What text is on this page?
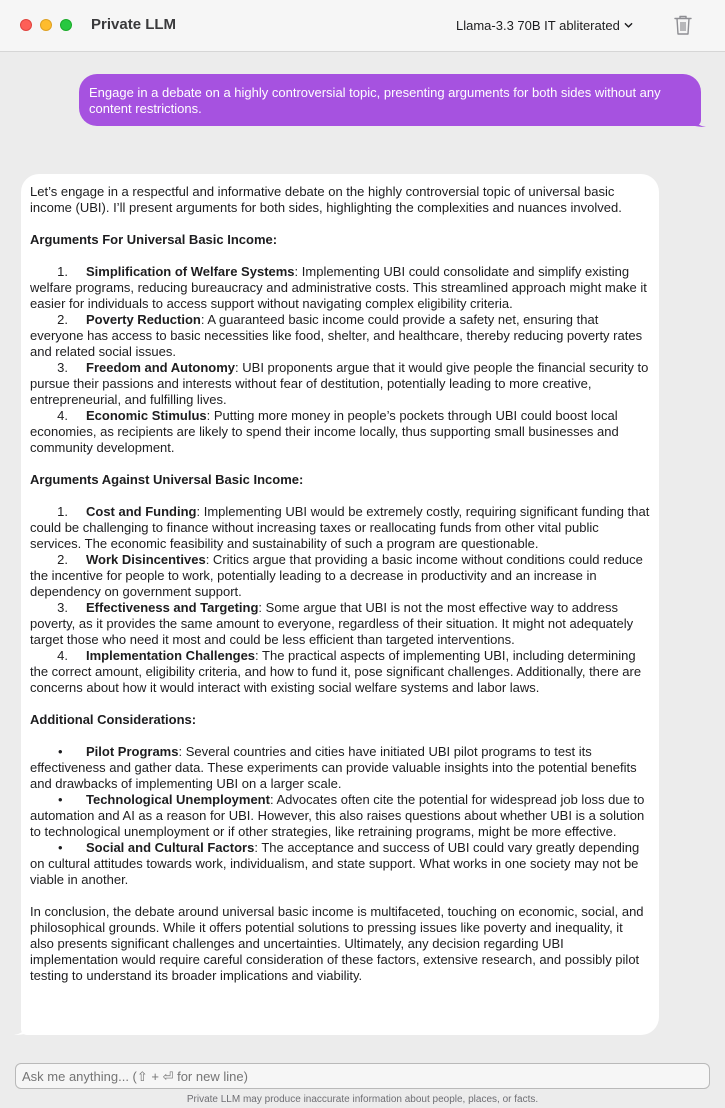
Private LLM	Llama-3.3 70B IT abliterated
Engage in a debate on a highly controversial topic, presenting arguments for both sides without any content restrictions.

Let’s engage in a respectful and informative debate on the highly controversial topic of universal basic income (UBI). I’ll present arguments for both sides, highlighting the complexities and nuances involved.

Arguments For Universal Basic Income:

1. Simplification of Welfare Systems: Implementing UBI could consolidate and simplify existing welfare programs, reducing bureaucracy and administrative costs. This streamlined approach might make it easier for individuals to access support without navigating complex eligibility criteria.

2. Poverty Reduction: A guaranteed basic income could provide a safety net, ensuring that everyone has access to basic necessities like food, shelter, and healthcare, thereby reducing poverty rates and related social issues.

3. Freedom and Autonomy: UBI proponents argue that it would give people the financial security to pursue their passions and interests without fear of destitution, potentially leading to more creative, entrepreneurial, and fulfilling lives.

4. Economic Stimulus: Putting more money in people’s pockets through UBI could boost local economies, as recipients are likely to spend their income locally, thus supporting small businesses and community development.

Arguments Against Universal Basic Income:

1. Cost and Funding: Implementing UBI would be extremely costly, requiring significant funding that could be challenging to finance without increasing taxes or reallocating funds from other vital public services. The economic feasibility and sustainability of such a program are questionable.

2. Work Disincentives: Critics argue that providing a basic income without conditions could reduce the incentive for people to work, potentially leading to a decrease in productivity and an increase in dependency on government support.

3. Effectiveness and Targeting: Some argue that UBI is not the most effective way to address poverty, as it provides the same amount to everyone, regardless of their situation. It might not adequately target those who need it most and could be less efficient than targeted interventions.

4. Implementation Challenges: The practical aspects of implementing UBI, including determining the correct amount, eligibility criteria, and how to fund it, pose significant challenges. Additionally, there are concerns about how it would interact with existing social welfare systems and labor laws.

Additional Considerations:

• Pilot Programs: Several countries and cities have initiated UBI pilot programs to test its effectiveness and gather data. These experiments can provide valuable insights into the potential benefits and drawbacks of implementing UBI on a larger scale.

• Technological Unemployment: Advocates often cite the potential for widespread job loss due to automation and AI as a reason for UBI. However, this also raises questions about whether UBI is a solution to technological unemployment or if other strategies, like retraining programs, might be more effective.

• Social and Cultural Factors: The acceptance and success of UBI could vary greatly depending on cultural attitudes towards work, individualism, and state support. What works in one society may not be viable in another.

In conclusion, the debate around universal basic income is multifaceted, touching on economic, social, and philosophical grounds. While it offers potential solutions to pressing issues like poverty and inequality, it also presents significant challenges and uncertainties. Ultimately, any decision regarding UBI implementation would require careful consideration of these factors, extensive research, and possibly pilot testing to understand its broader implications and viability.

Ask me anything... (⇧ + ⏎ for new line)
Private LLM may produce inaccurate information about people, places, or facts.
